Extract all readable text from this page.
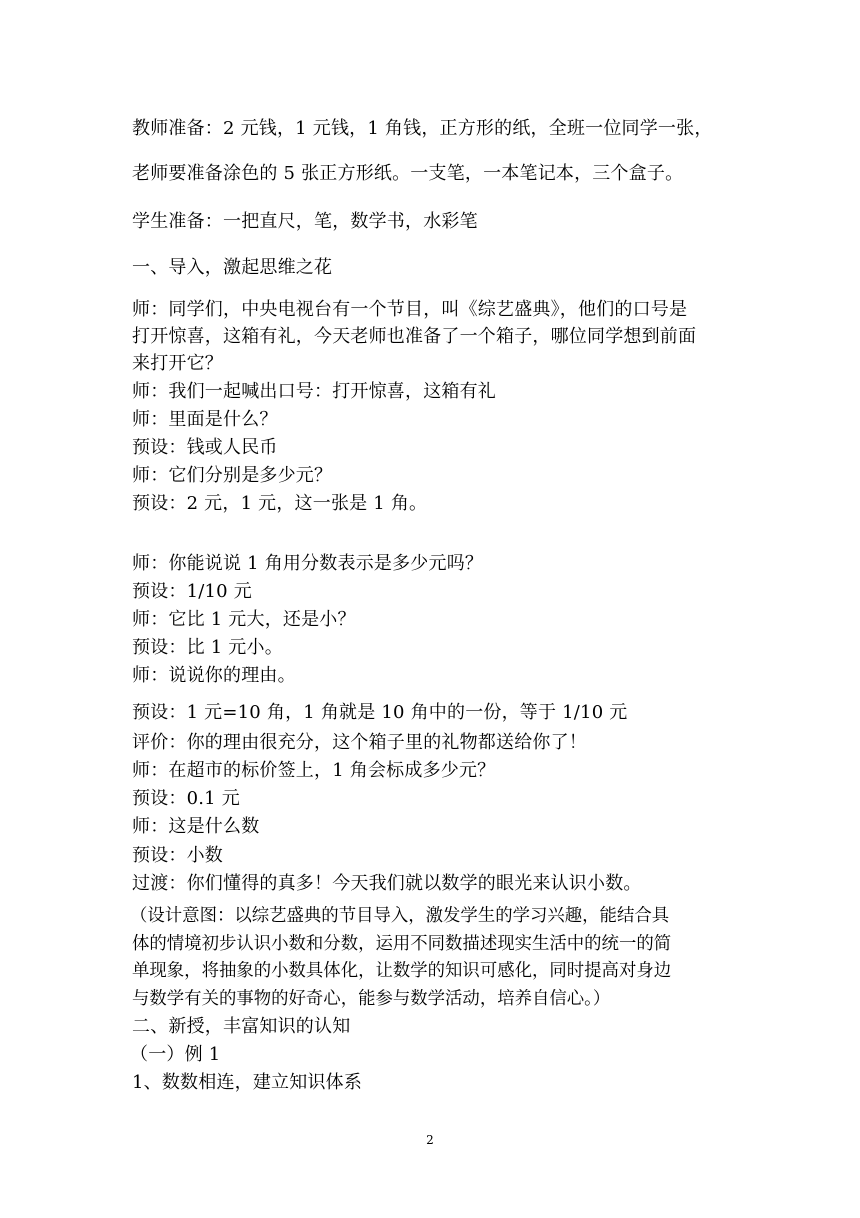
教师准备：2 元钱，1 元钱，1 角钱，正方形的纸，全班一位同学一张，
老师要准备涂色的 5 张正方形纸。一支笔，一本笔记本，三个盒子。
学生准备：一把直尺，笔，数学书，水彩笔
一、导入，激起思维之花
师：同学们，中央电视台有一个节目，叫《综艺盛典》，他们的口号是
打开惊喜，这箱有礼，今天老师也准备了一个箱子，哪位同学想到前面
来打开它？
师：我们一起喊出口号：打开惊喜，这箱有礼
师：里面是什么？
预设：钱或人民币
师：它们分别是多少元？
预设：2 元，1 元，这一张是 1 角。
师：你能说说 1 角用分数表示是多少元吗？
预设：1/10 元
师：它比 1 元大，还是小？
预设：比 1 元小。
师：说说你的理由。
预设：1 元=10 角，1 角就是 10 角中的一份，等于 1/10 元
评价：你的理由很充分，这个箱子里的礼物都送给你了！
师：在超市的标价签上，1 角会标成多少元？
预设：0.1 元
师：这是什么数
预设：小数
过渡：你们懂得的真多！今天我们就以数学的眼光来认识小数。
（设计意图：以综艺盛典的节目导入，激发学生的学习兴趣，能结合具
体的情境初步认识小数和分数，运用不同数描述现实生活中的统一的简
单现象，将抽象的小数具体化，让数学的知识可感化，同时提高对身边
与数学有关的事物的好奇心，能参与数学活动，培养自信心。）
二、新授，丰富知识的认知
（一）例 1
1、数数相连，建立知识体系
2
